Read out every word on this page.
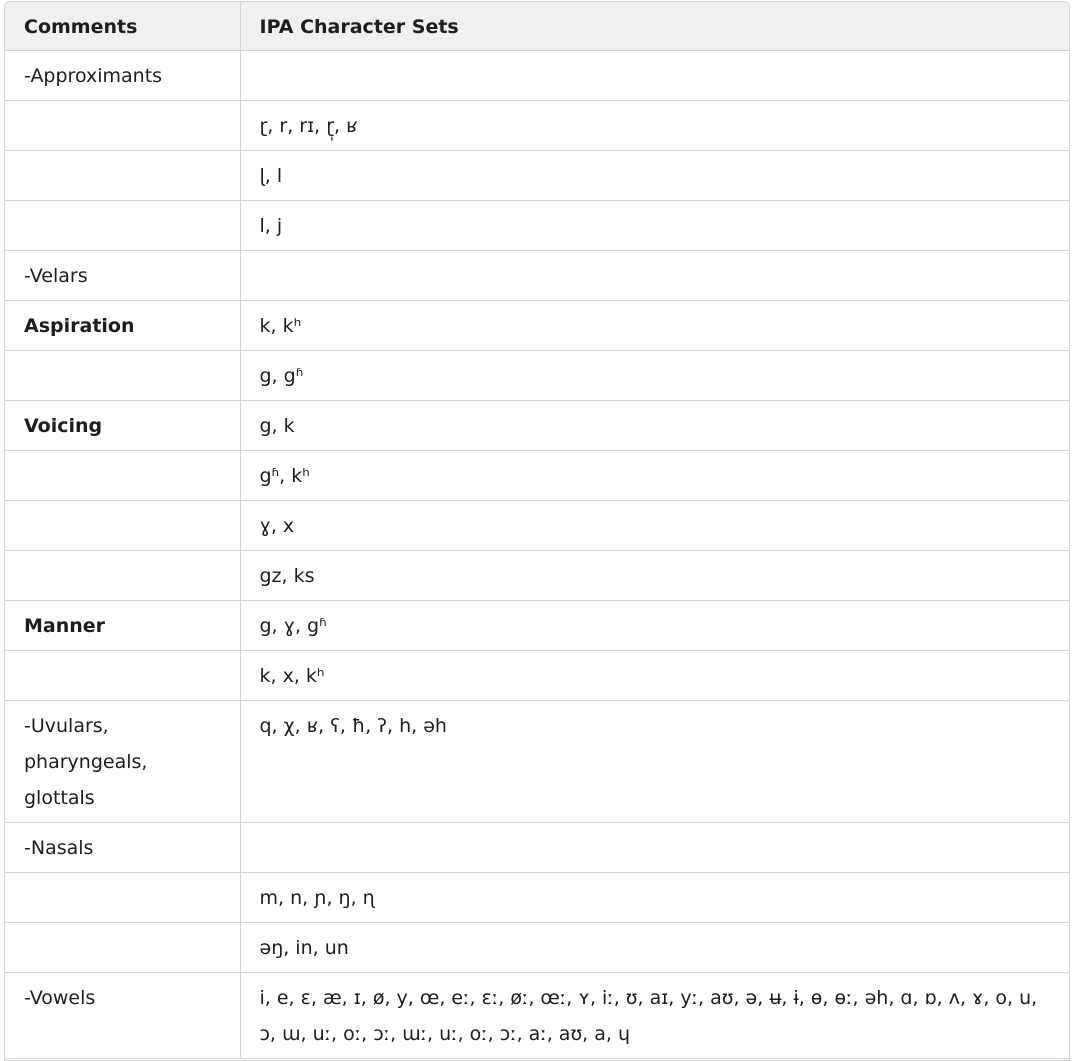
Comments	IPA Character Sets
-Approximants	
	ɽ, r, rɪ, ɽ̩, ʁ
	ɭ, l
	l, j
-Velars	
Aspiration	k, kʰ
	g, gʱ
Voicing	g, k
	gʱ, kʰ
	ɣ, x
	gz, ks
Manner	g, ɣ, gʱ
	k, x, kʰ
-Uvulars, pharyngeals, glottals	q, χ, ʁ, ʕ, ħ, ʔ, h, əh
-Nasals	
	m, n, ɲ, ŋ, ɳ
	əŋ, in, un
-Vowels	i, e, ɛ, æ, ɪ, ø, y, œ, eː, ɛː, øː, œː, ʏ, iː, ʊ, aɪ, yː, aʊ, ə, ʉ, ɨ, ɵ, ɵː, əh, ɑ, ɒ, ʌ, ɤ, o, u, ɔ, ɯ, uː, oː, ɔː, ɯː, uː, oː, ɔː, aː, aʊ, a, ɥ
